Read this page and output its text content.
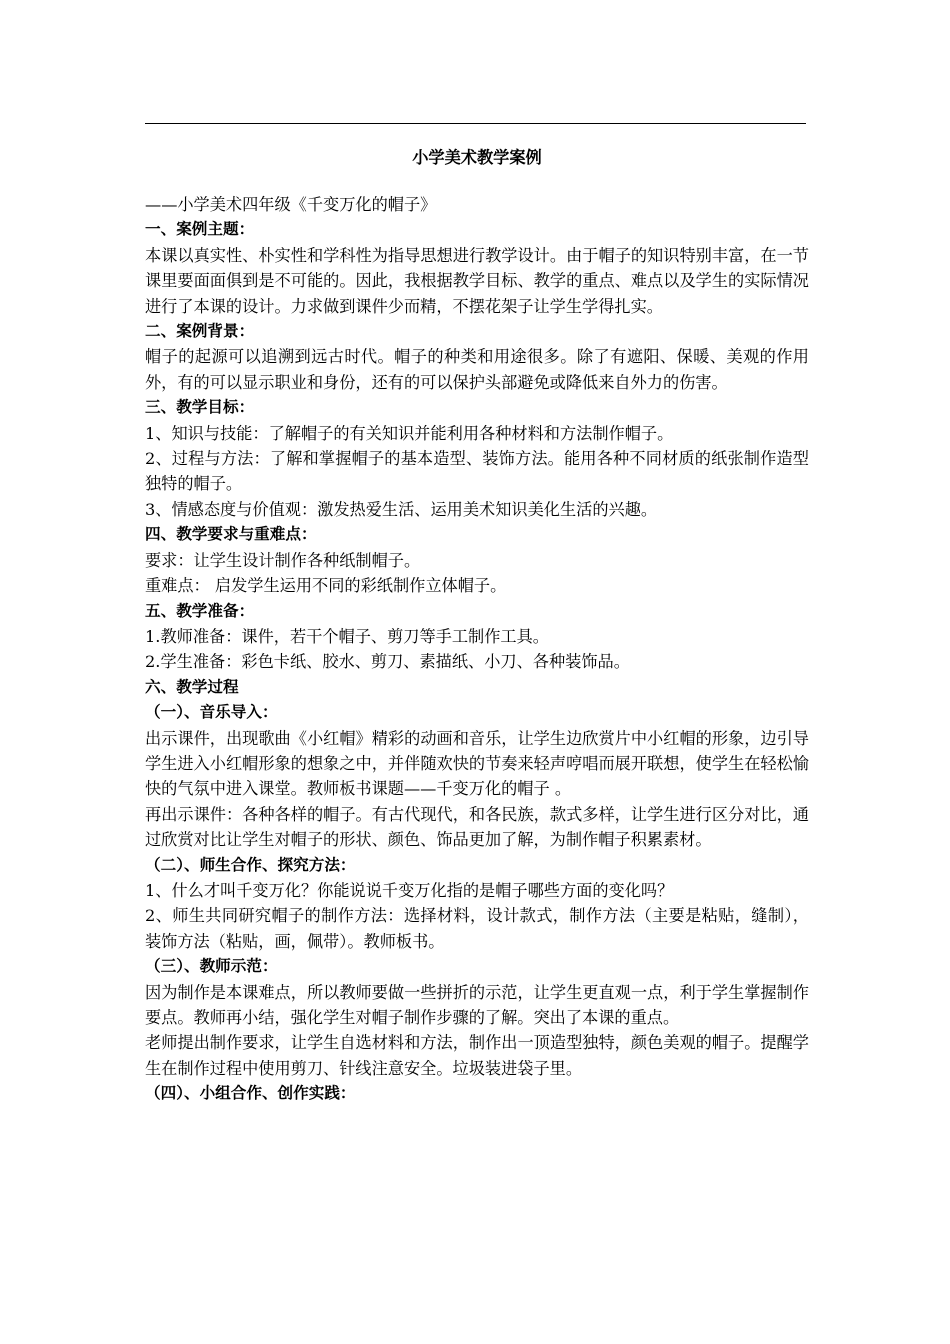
小学美术教学案例
——小学美术四年级《千变万化的帽子》
一、案例主题：
本课以真实性、朴实性和学科性为指导思想进行教学设计。由于帽子的知识特别丰富，在一节课里要面面俱到是不可能的。因此，我根据教学目标、教学的重点、难点以及学生的实际情况进行了本课的设计。力求做到课件少而精，不摆花架子让学生学得扎实。
二、案例背景：
帽子的起源可以追溯到远古时代。帽子的种类和用途很多。除了有遮阳、保暖、美观的作用外，有的可以显示职业和身份，还有的可以保护头部避免或降低来自外力的伤害。
三、教学目标：
1、知识与技能：了解帽子的有关知识并能利用各种材料和方法制作帽子。
2、过程与方法：了解和掌握帽子的基本造型、装饰方法。能用各种不同材质的纸张制作造型独特的帽子。
3、情感态度与价值观：激发热爱生活、运用美术知识美化生活的兴趣。
四、教学要求与重难点：
要求：让学生设计制作各种纸制帽子。
重难点： 启发学生运用不同的彩纸制作立体帽子。
五、教学准备：
1.教师准备：课件，若干个帽子、剪刀等手工制作工具。
2.学生准备：彩色卡纸、胶水、剪刀、素描纸、小刀、各种装饰品。
六、教学过程
（一）、音乐导入：
出示课件，出现歌曲《小红帽》精彩的动画和音乐，让学生边欣赏片中小红帽的形象，边引导学生进入小红帽形象的想象之中，并伴随欢快的节奏来轻声哼唱而展开联想，使学生在轻松愉快的气氛中进入课堂。教师板书课题——千变万化的帽子 。
再出示课件：各种各样的帽子。有古代现代，和各民族，款式多样，让学生进行区分对比，通过欣赏对比让学生对帽子的形状、颜色、饰品更加了解，为制作帽子积累素材。
（二）、师生合作、探究方法：
1、什么才叫千变万化？你能说说千变万化指的是帽子哪些方面的变化吗？
2、师生共同研究帽子的制作方法：选择材料，设计款式，制作方法（主要是粘贴，缝制），装饰方法（粘贴，画，佩带）。教师板书。
（三）、教师示范：
因为制作是本课难点，所以教师要做一些拼折的示范，让学生更直观一点，利于学生掌握制作要点。教师再小结，强化学生对帽子制作步骤的了解。突出了本课的重点。
老师提出制作要求，让学生自选材料和方法，制作出一顶造型独特，颜色美观的帽子。提醒学生在制作过程中使用剪刀、针线注意安全。垃圾装进袋子里。
（四）、小组合作、创作实践：
